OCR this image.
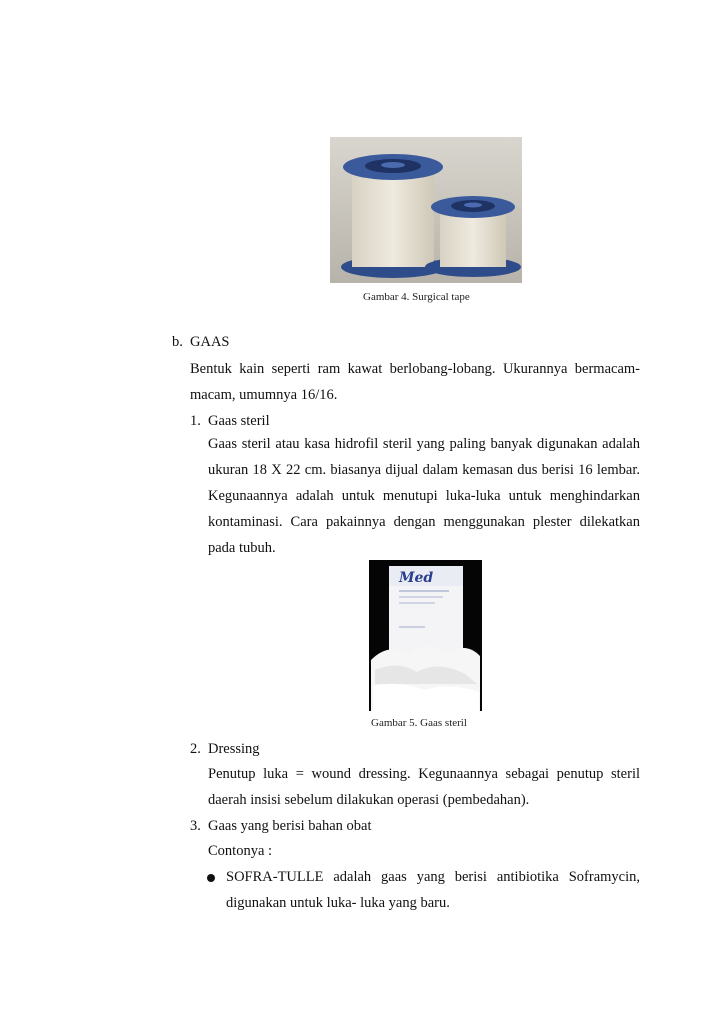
Gambar 4. Surgical tape
b. GAAS
Bentuk kain seperti ram kawat berlobang-lobang. Ukurannya bermacam-
macam, umumnya 16/16.
1. Gaas steril
Gaas steril atau kasa hidrofil steril yang paling banyak digunakan adalah
ukuran 18 X 22 cm. biasanya dijual dalam kemasan dus berisi 16 lembar.
Kegunaannya adalah untuk menutupi luka-luka untuk menghindarkan
kontaminasi. Cara pakainnya dengan menggunakan plester dilekatkan
pada tubuh.
Med
Gambar 5. Gaas steril
2. Dressing
Penutup luka = wound dressing. Kegunaannya sebagai penutup steril
daerah insisi sebelum dilakukan operasi (pembedahan).
3. Gaas yang berisi bahan obat
Contonya :
SOFRA-TULLE adalah gaas yang berisi antibiotika Soframycin,
digunakan untuk luka- luka yang baru.
